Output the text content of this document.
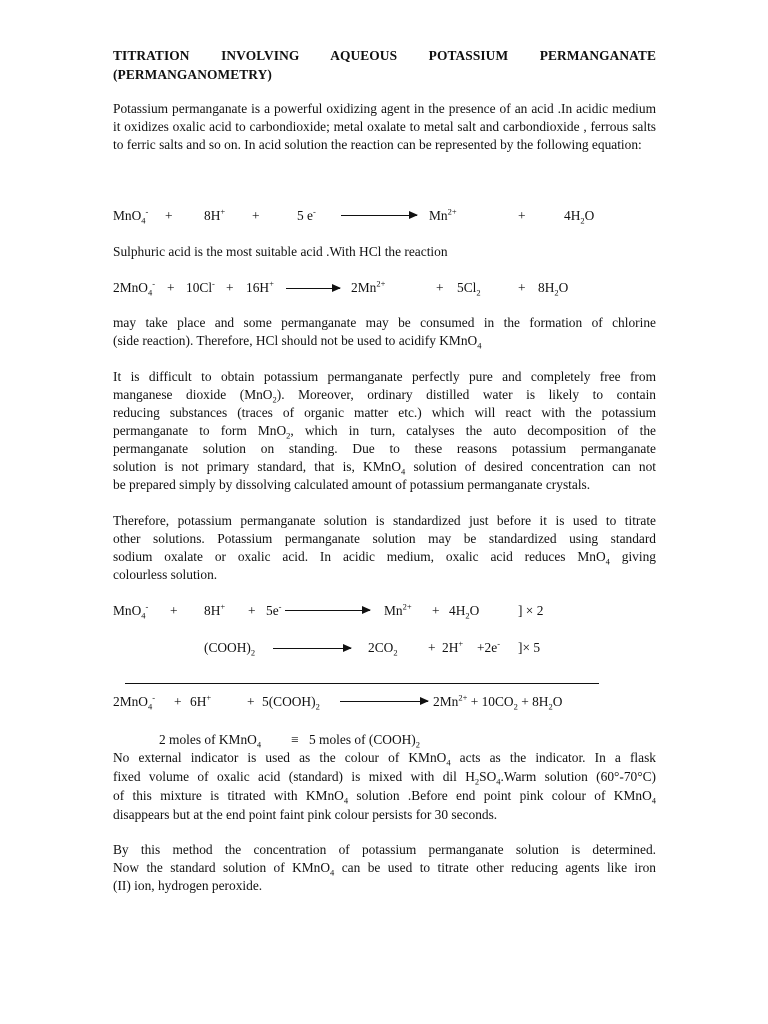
TITRATION INVOLVING AQUEOUS POTASSIUM PERMANGANATE (PERMANGANOMETRY)

Potassium permanganate is a powerful oxidizing agent in the presence of an acid .In acidic medium it oxidizes oxalic acid to carbondioxide; metal oxalate to metal salt and carbondioxide , ferrous salts to ferric salts and so on. In acid solution the reaction can be represented by the following equation:

MnO$_4$- + 8H+ +	5 e-	$Mn^{2+}$	+	$4H_2O$

Sulphuric acid is the most suitable acid .With HCl the reaction

2MnO$_4$- + 10Cl- + 16H+	$2Mn^{2+}$	+ $5Cl_2$	+ $8H_2O$
may take place and some permanganate may be consumed in the formation of chlorine
(side reaction). Therefore, HCl should not be used to acidify KMnO$_4$
It is difficult to obtain potassium permanganate perfectly pure and completely free from
manganese dioxide (MnO$_2$). Moreover, ordinary distilled water is likely to contain
reducing substances (traces of organic matter etc.) which will react with the potassium
permanganate to form MnO$_2$, which in turn, catalyses the auto decomposition of the
permanganate solution on standing. Due to these reasons potassium permanganate
solution is not primary standard, that is, KMnO$_4$ solution of desired concentration can not
be prepared simply by dissolving calculated amount of potassium permanganate crystals.
Therefore, potassium permanganate solution is standardized just before it is used to titrate
other solutions. Potassium permanganate solution may be standardized using standard
sodium oxalate or oxalic acid. In acidic medium, oxalic acid reduces MnO$_4$ giving
colourless solution.
MnO$_4$- + 8H+ + 5e-	$Mn^{2+} + 4H_2O$	] × 2
$(COOH)_2$	$2CO_2 + 2H^+ +2e^-$ ]× 5
2MnO$_4$- + 6H+	+ $5(COOH)_2$	$2Mn^{2+} + 10CO_2 + 8H_2O$
2 moles of KMnO$_4$ ≡ 5 moles of $(COOH)_2$
No external indicator is used as the colour of KMnO$_4$ acts as the indicator. In a flask
fixed volume of oxalic acid (standard) is mixed with dil $H_2SO_4.Warm$ solution (60°-70°C)
of this mixture is titrated with KMnO$_4$ solution .Before end point pink colour of KMnO$_4$
disappears but at the end point faint pink colour persists for 30 seconds.
By this method the concentration of potassium permanganate solution is determined.
Now the standard solution of KMnO$_4$ can be used to titrate other reducing agents like iron
(II) ion, hydrogen peroxide.
